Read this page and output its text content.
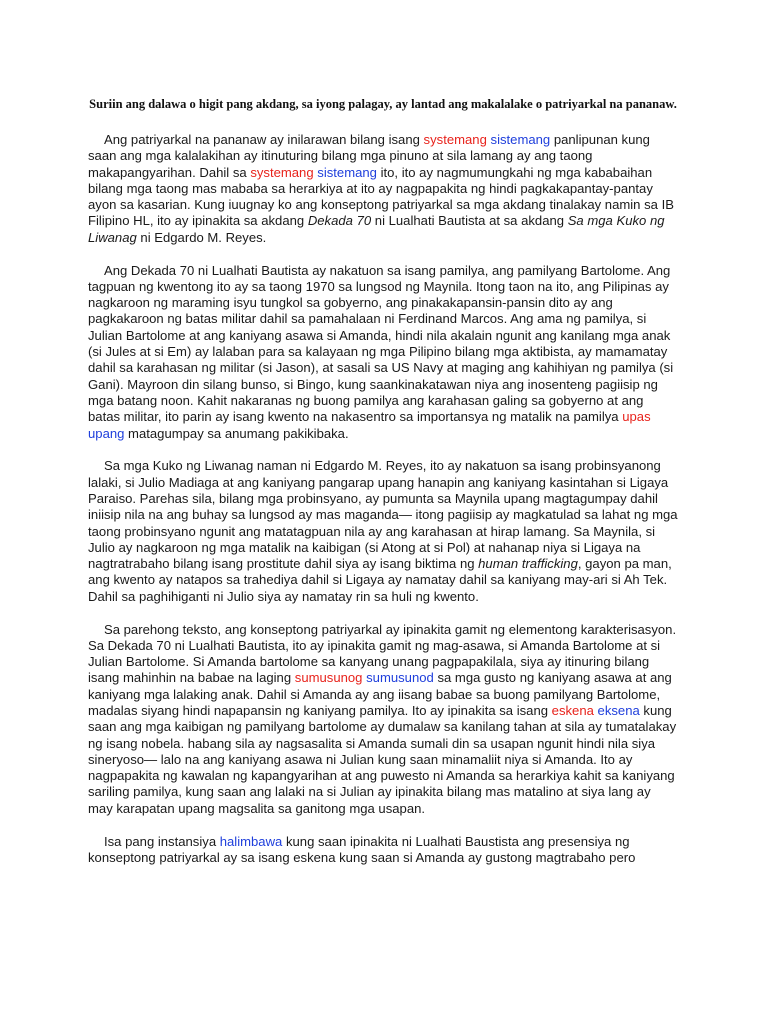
Suriin ang dalawa o higit pang akdang, sa iyong palagay, ay lantad ang makalalake o patriyarkal na pananaw.

Ang patriyarkal na pananaw ay inilarawan bilang isang systemang sistemang panlipunan kung saan ang mga kalalakihan ay itinuturing bilang mga pinuno at sila lamang ay ang taong makapangyarihan. Dahil sa systemang sistemang ito, ito ay nagmumungkahi ng mga kababaihan bilang mga taong mas mababa sa herarkiya at ito ay nagpapakita ng hindi pagkakapantay-pantay ayon sa kasarian. Kung iuugnay ko ang konseptong patriyarkal sa mga akdang tinalakay namin sa IB Filipino HL, ito ay ipinakita sa akdang Dekada 70 ni Lualhati Bautista at sa akdang Sa mga Kuko ng Liwanag ni Edgardo M. Reyes.

Ang Dekada 70 ni Lualhati Bautista ay nakatuon sa isang pamilya, ang pamilyang Bartolome. Ang tagpuan ng kwentong ito ay sa taong 1970 sa lungsod ng Maynila. Itong taon na ito, ang Pilipinas ay nagkaroon ng maraming isyu tungkol sa gobyerno, ang pinakakapansin-pansin dito ay ang pagkakaroon ng batas militar dahil sa pamahalaan ni Ferdinand Marcos. Ang ama ng pamilya, si Julian Bartolome at ang kaniyang asawa si Amanda, hindi nila akalain ngunit ang kanilang mga anak (si Jules at si Em) ay lalaban para sa kalayaan ng mga Pilipino bilang mga aktibista, ay mamamatay dahil sa karahasan ng militar (si Jason), at sasali sa US Navy at maging ang kahihiyan ng pamilya (si Gani). Mayroon din silang bunso, si Bingo, kung saankinakatawan niya ang inosenteng pagiisip ng mga batang noon. Kahit nakaranas ng buong pamilya ang karahasan galing sa gobyerno at ang batas militar, ito parin ay isang kwento na nakasentro sa importansya ng matalik na pamilya upas upang matagumpay sa anumang pakikibaka.

Sa mga Kuko ng Liwanag naman ni Edgardo M. Reyes, ito ay nakatuon sa isang probinsyanong lalaki, si Julio Madiaga at ang kaniyang pangarap upang hanapin ang kaniyang kasintahan si Ligaya Paraiso. Parehas sila, bilang mga probinsyano, ay pumunta sa Maynila upang magtagumpay dahil iniisip nila na ang buhay sa lungsod ay mas maganda— itong pagiisip ay magkatulad sa lahat ng mga taong probinsyano ngunit ang matatagpuan nila ay ang karahasan at hirap lamang. Sa Maynila, si Julio ay nagkaroon ng mga matalik na kaibigan (si Atong at si Pol) at nahanap niya si Ligaya na nagtratrabaho bilang isang prostitute dahil siya ay isang biktima ng human trafficking, gayon pa man, ang kwento ay natapos sa trahediya dahil si Ligaya ay namatay dahil sa kaniyang may-ari si Ah Tek. Dahil sa paghihiganti ni Julio siya ay namatay rin sa huli ng kwento.

Sa parehong teksto, ang konseptong patriyarkal ay ipinakita gamit ng elementong karakterisasyon. Sa Dekada 70 ni Lualhati Bautista, ito ay ipinakita gamit ng mag-asawa, si Amanda Bartolome at si Julian Bartolome. Si Amanda bartolome sa kanyang unang pagpapakilala, siya ay itinuring bilang isang mahinhin na babae na laging sumusunog sumusunod sa mga gusto ng kaniyang asawa at ang kaniyang mga lalaking anak. Dahil si Amanda ay ang iisang babae sa buong pamilyang Bartolome, madalas siyang hindi napapansin ng kaniyang pamilya. Ito ay ipinakita sa isang eskena eksena kung saan ang mga kaibigan ng pamilyang bartolome ay dumalaw sa kanilang tahan at sila ay tumatalakay ng isang nobela. habang sila ay nagsasalita si Amanda sumali din sa usapan ngunit hindi nila siya sineryoso— lalo na ang kaniyang asawa ni Julian kung saan minamaliit niya si Amanda. Ito ay nagpapakita ng kawalan ng kapangyarihan at ang puwesto ni Amanda sa herarkiya kahit sa kaniyang sariling pamilya, kung saan ang lalaki na si Julian ay ipinakita bilang mas matalino at siya lang ay may karapatan upang magsalita sa ganitong mga usapan.

Isa pang instansiya halimbawa kung saan ipinakita ni Lualhati Baustista ang presensiya ng konseptong patriyarkal ay sa isang eskena kung saan si Amanda ay gustong magtrabaho pero
